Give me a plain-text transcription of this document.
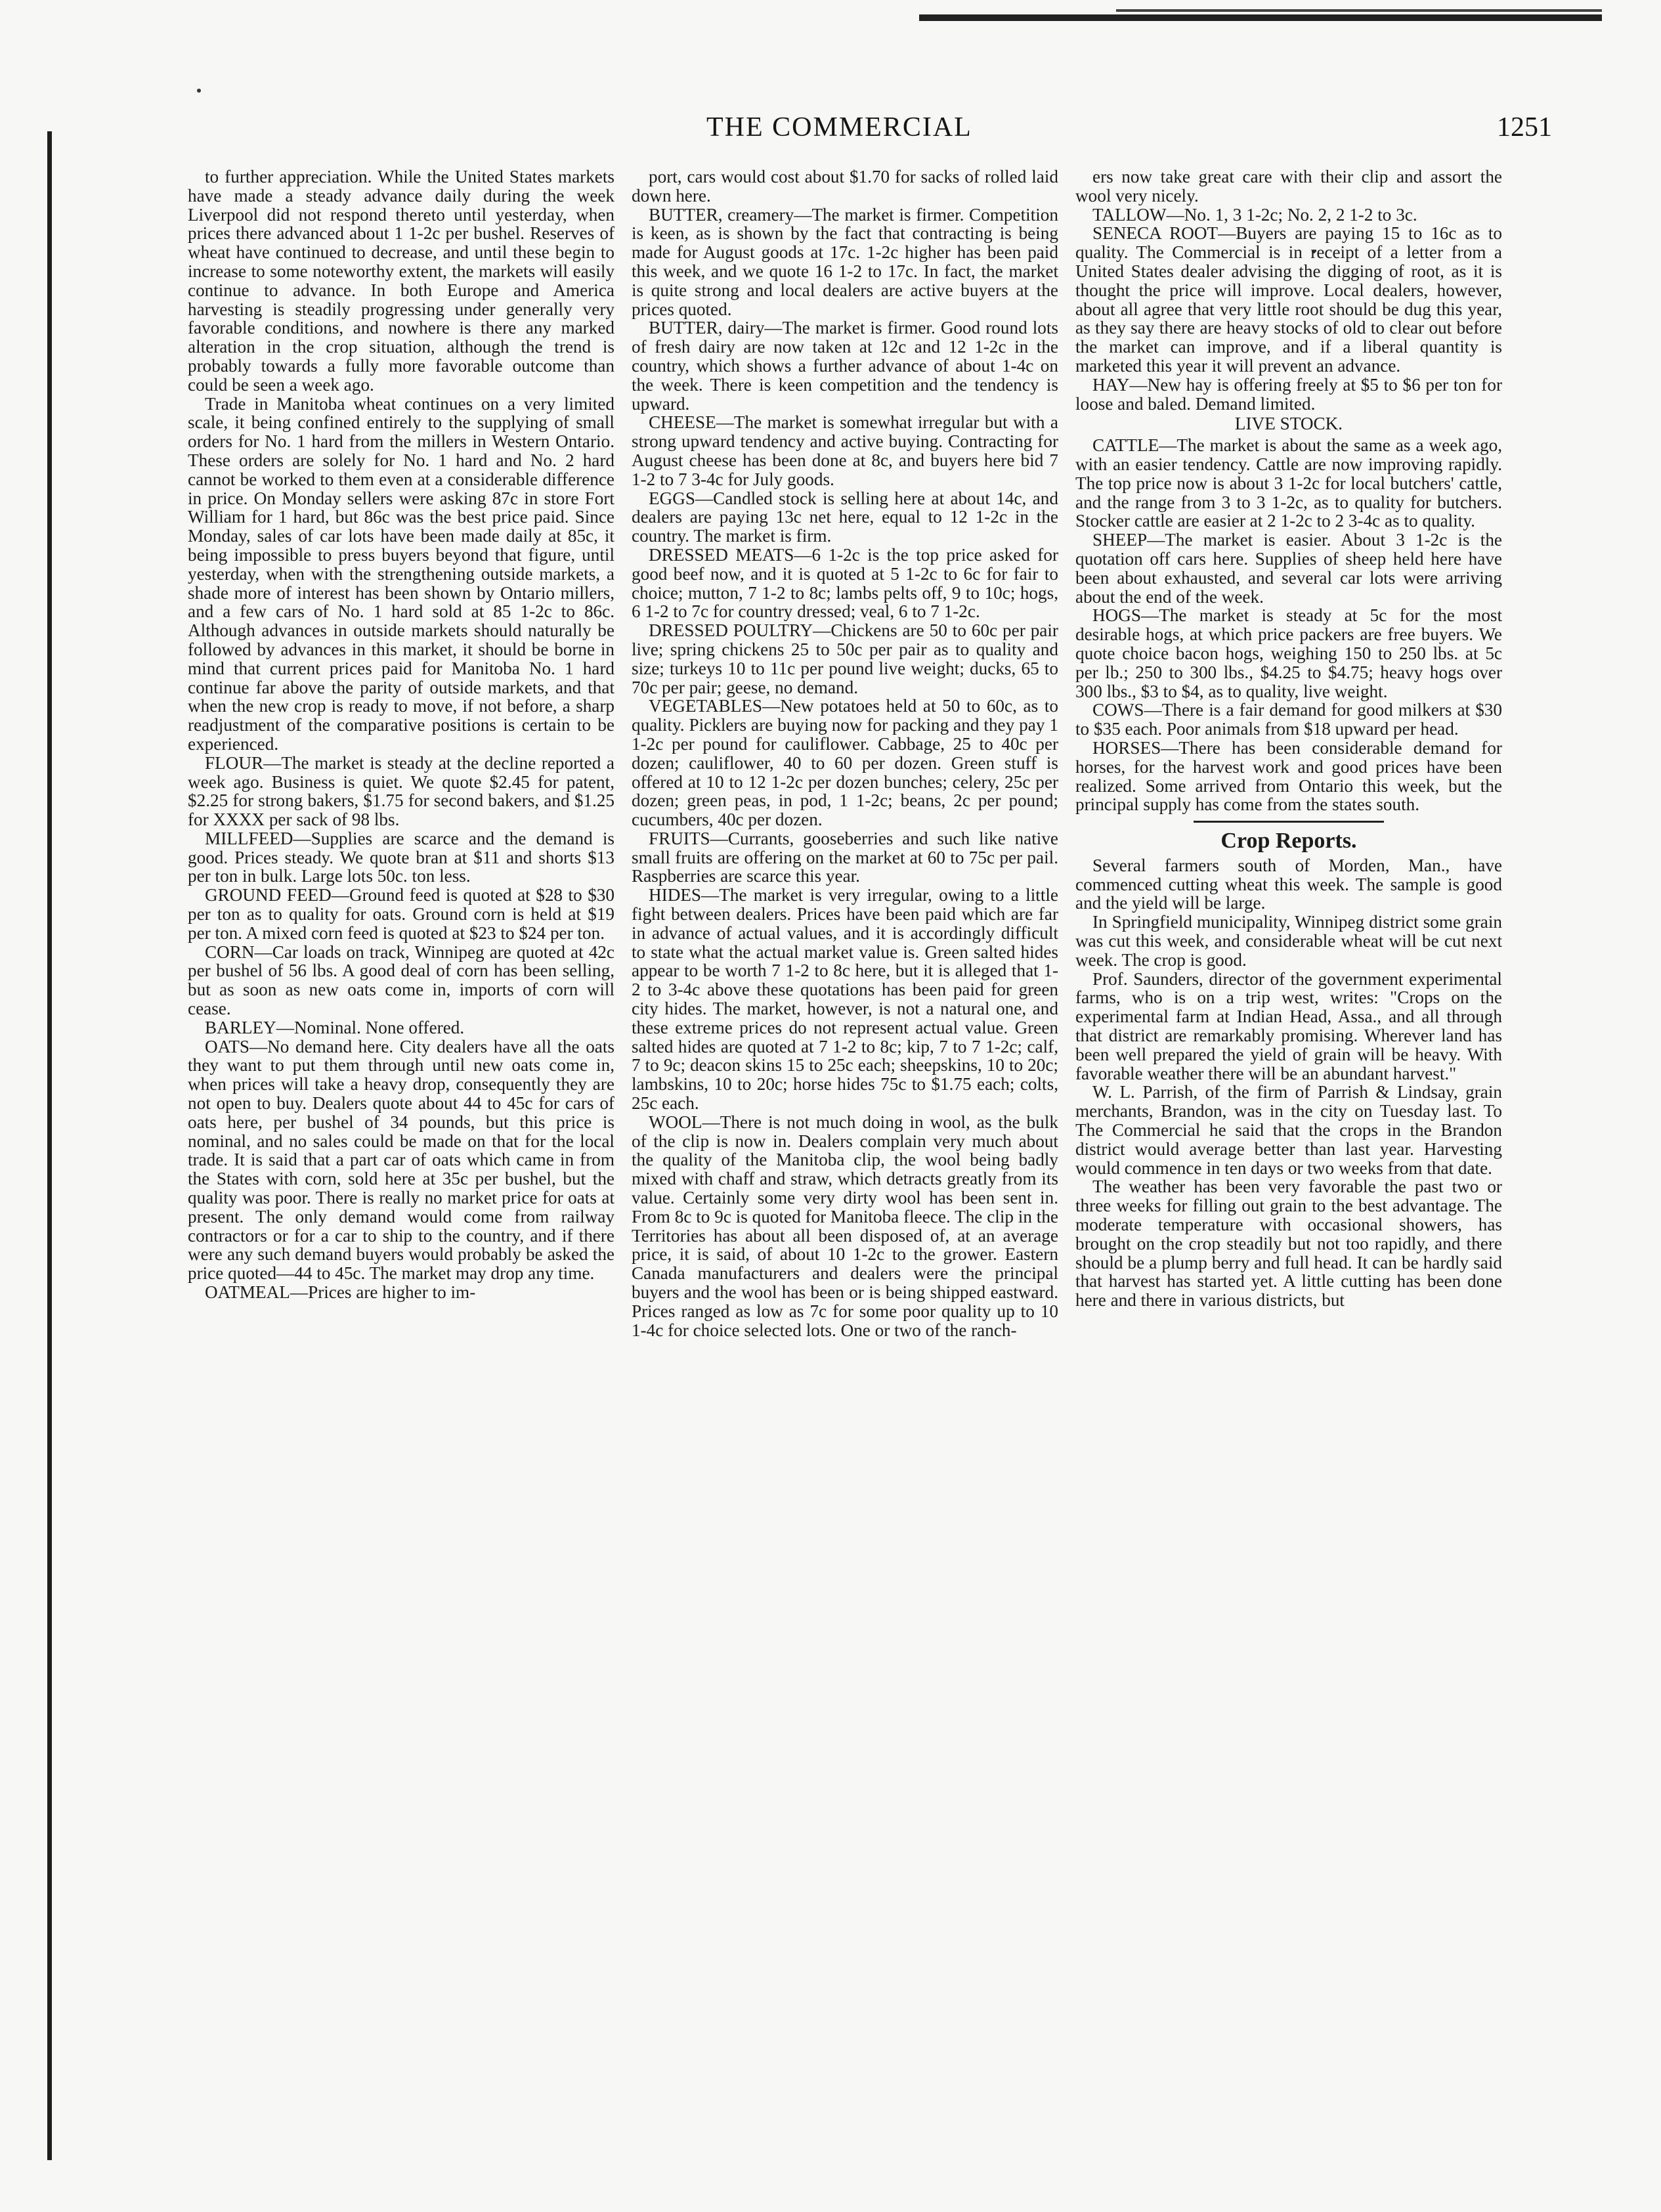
THE COMMERCIAL	1251

to further appreciation. While the United States markets have made a steady advance daily during the week Liverpool did not respond thereto until yesterday, when prices there advanced about 1 1-2c per bushel. Reserves of wheat have continued to decrease, and until these begin to increase to some noteworthy extent, the markets will easily continue to advance. In both Europe and America harvesting is steadily progressing under generally very favorable conditions, and nowhere is there any marked alteration in the crop situation, although the trend is probably towards a fully more favorable outcome than could be seen a week ago.

Trade in Manitoba wheat continues on a very limited scale, it being confined entirely to the supplying of small orders for No. 1 hard from the millers in Western Ontario. These orders are solely for No. 1 hard and No. 2 hard cannot be worked to them even at a considerable difference in price. On Monday sellers were asking 87c in store Fort William for 1 hard, but 86c was the best price paid. Since Monday, sales of car lots have been made daily at 85c, it being impossible to press buyers beyond that figure, until yesterday, when with the strengthening outside markets, a shade more of interest has been shown by Ontario millers, and a few cars of No. 1 hard sold at 85 1-2c to 86c. Although advances in outside markets should naturally be followed by advances in this market, it should be borne in mind that current prices paid for Manitoba No. 1 hard continue far above the parity of outside markets, and that when the new crop is ready to move, if not before, a sharp readjustment of the comparative positions is certain to be experienced.

FLOUR—The market is steady at the decline reported a week ago. Business is quiet. We quote $2.45 for patent, $2.25 for strong bakers, $1.75 for second bakers, and $1.25 for XXXX per sack of 98 lbs.

MILLFEED—Supplies are scarce and the demand is good. Prices steady. We quote bran at $11 and shorts $13 per ton in bulk. Large lots 50c. ton less.

GROUND FEED—Ground feed is quoted at $28 to $30 per ton as to quality for oats. Ground corn is held at $19 per ton. A mixed corn feed is quoted at $23 to $24 per ton.

CORN—Car loads on track, Winnipeg are quoted at 42c per bushel of 56 lbs. A good deal of corn has been selling, but as soon as new oats come in, imports of corn will cease.

BARLEY—Nominal. None offered.

OATS—No demand here. City dealers have all the oats they want to put them through until new oats come in, when prices will take a heavy drop, consequently they are not open to buy. Dealers quote about 44 to 45c for cars of oats here, per bushel of 34 pounds, but this price is nominal, and no sales could be made on that for the local trade. It is said that a part car of oats which came in from the States with corn, sold here at 35c per bushel, but the quality was poor. There is really no market price for oats at present. The only demand would come from railway contractors or for a car to ship to the country, and if there were any such demand buyers would probably be asked the price quoted—44 to 45c. The market may drop any time.

OATMEAL—Prices are higher to im-

port, cars would cost about $1.70 for sacks of rolled laid down here.

BUTTER, creamery—The market is firmer. Competition is keen, as is shown by the fact that contracting is being made for August goods at 17c. 1-2c higher has been paid this week, and we quote 16 1-2 to 17c. In fact, the market is quite strong and local dealers are active buyers at the prices quoted.

BUTTER, dairy—The market is firmer. Good round lots of fresh dairy are now taken at 12c and 12 1-2c in the country, which shows a further advance of about 1-4c on the week. There is keen competition and the tendency is upward.

CHEESE—The market is somewhat irregular but with a strong upward tendency and active buying. Contracting for August cheese has been done at 8c, and buyers here bid 7 1-2 to 7 3-4c for July goods.

EGGS—Candled stock is selling here at about 14c, and dealers are paying 13c net here, equal to 12 1-2c in the country. The market is firm.

DRESSED MEATS—6 1-2c is the top price asked for good beef now, and it is quoted at 5 1-2c to 6c for fair to choice; mutton, 7 1-2 to 8c; lambs pelts off, 9 to 10c; hogs, 6 1-2 to 7c for country dressed; veal, 6 to 7 1-2c.

DRESSED POULTRY—Chickens are 50 to 60c per pair live; spring chickens 25 to 50c per pair as to quality and size; turkeys 10 to 11c per pound live weight; ducks, 65 to 70c per pair; geese, no demand.

VEGETABLES—New potatoes held at 50 to 60c, as to quality. Picklers are buying now for packing and they pay 1 1-2c per pound for cauliflower. Cabbage, 25 to 40c per dozen; cauliflower, 40 to 60 per dozen. Green stuff is offered at 10 to 12 1-2c per dozen bunches; celery, 25c per dozen; green peas, in pod, 1 1-2c; beans, 2c per pound; cucumbers, 40c per dozen.

FRUITS—Currants, gooseberries and such like native small fruits are offering on the market at 60 to 75c per pail. Raspberries are scarce this year.

HIDES—The market is very irregular, owing to a little fight between dealers. Prices have been paid which are far in advance of actual values, and it is accordingly difficult to state what the actual market value is. Green salted hides appear to be worth 7 1-2 to 8c here, but it is alleged that 1-2 to 3-4c above these quotations has been paid for green city hides. The market, however, is not a natural one, and these extreme prices do not represent actual value. Green salted hides are quoted at 7 1-2 to 8c; kip, 7 to 7 1-2c; calf, 7 to 9c; deacon skins 15 to 25c each; sheepskins, 10 to 20c; lambskins, 10 to 20c; horse hides 75c to $1.75 each; colts, 25c each.

WOOL—There is not much doing in wool, as the bulk of the clip is now in. Dealers complain very much about the quality of the Manitoba clip, the wool being badly mixed with chaff and straw, which detracts greatly from its value. Certainly some very dirty wool has been sent in. From 8c to 9c is quoted for Manitoba fleece. The clip in the Territories has about all been disposed of, at an average price, it is said, of about 10 1-2c to the grower. Eastern Canada manufacturers and dealers were the principal buyers and the wool has been or is being shipped eastward. Prices ranged as low as 7c for some poor quality up to 10 1-4c for choice selected lots. One or two of the ranch-

ers now take great care with their clip and assort the wool very nicely.

TALLOW—No. 1, 3 1-2c; No. 2, 2 1-2 to 3c.

SENECA ROOT—Buyers are paying 15 to 16c as to quality. The Commercial is in receipt of a letter from a United States dealer advising the digging of root, as it is thought the price will improve. Local dealers, however, about all agree that very little root should be dug this year, as they say there are heavy stocks of old to clear out before the market can improve, and if a liberal quantity is marketed this year it will prevent an advance.

HAY—New hay is offering freely at $5 to $6 per ton for loose and baled. Demand limited.

LIVE STOCK.

CATTLE—The market is about the same as a week ago, with an easier tendency. Cattle are now improving rapidly. The top price now is about 3 1-2c for local butchers' cattle, and the range from 3 to 3 1-2c, as to quality for butchers. Stocker cattle are easier at 2 1-2c to 2 3-4c as to quality.

SHEEP—The market is easier. About 3 1-2c is the quotation off cars here. Supplies of sheep held here have been about exhausted, and several car lots were arriving about the end of the week.

HOGS—The market is steady at 5c for the most desirable hogs, at which price packers are free buyers. We quote choice bacon hogs, weighing 150 to 250 lbs. at 5c per lb.; 250 to 300 lbs., $4.25 to $4.75; heavy hogs over 300 lbs., $3 to $4, as to quality, live weight.

COWS—There is a fair demand for good milkers at $30 to $35 each. Poor animals from $18 upward per head.

HORSES—There has been considerable demand for horses, for the harvest work and good prices have been realized. Some arrived from Ontario this week, but the principal supply has come from the states south.

Crop Reports.

Several farmers south of Morden, Man., have commenced cutting wheat this week. The sample is good and the yield will be large.

In Springfield municipality, Winnipeg district some grain was cut this week, and considerable wheat will be cut next week. The crop is good.

Prof. Saunders, director of the government experimental farms, who is on a trip west, writes: "Crops on the experimental farm at Indian Head, Assa., and all through that district are remarkably promising. Wherever land has been well prepared the yield of grain will be heavy. With favorable weather there will be an abundant harvest."

W. L. Parrish, of the firm of Parrish & Lindsay, grain merchants, Brandon, was in the city on Tuesday last. To The Commercial he said that the crops in the Brandon district would average better than last year. Harvesting would commence in ten days or two weeks from that date.

The weather has been very favorable the past two or three weeks for filling out grain to the best advantage. The moderate temperature with occasional showers, has brought on the crop steadily but not too rapidly, and there should be a plump berry and full head. It can be hardly said that harvest has started yet. A little cutting has been done here and there in various districts, but
